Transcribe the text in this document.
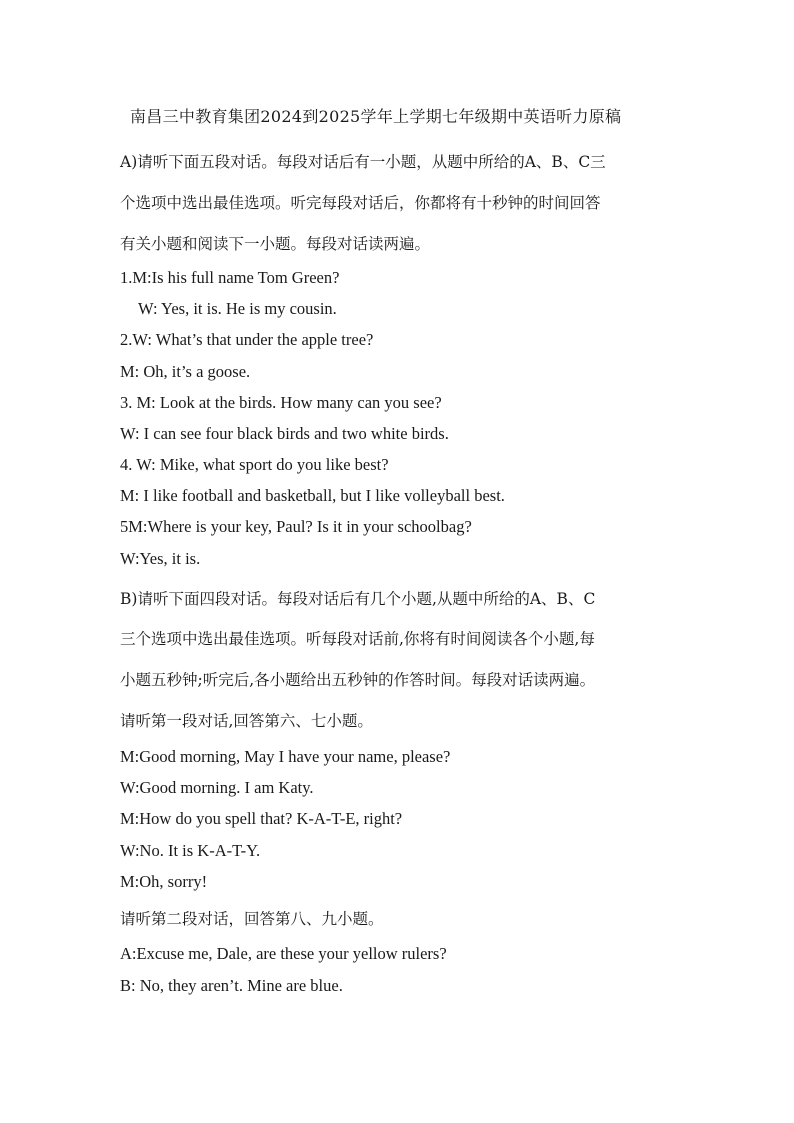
南昌三中教育集团2024到2025学年上学期七年级期中英语听力原稿
A)请听下面五段对话。每段对话后有一小题，从题中所给的A、B、C三
个选项中选出最佳选项。听完每段对话后，你都将有十秒钟的时间回答
有关小题和阅读下一小题。每段对话读两遍。
1.M:Is his full name Tom Green?
W: Yes, it is. He is my cousin.
2.W: What’s that under the apple tree?
M: Oh, it’s a goose.
3. M: Look at the birds. How many can you see?
W: I can see four black birds and two white birds.
4. W: Mike, what sport do you like best?
M: I like football and basketball, but I like volleyball best.
5M:Where is your key, Paul? Is it in your schoolbag?
W:Yes, it is.
B)请听下面四段对话。每段对话后有几个小题,从题中所给的A、B、C
三个选项中选出最佳选项。听每段对话前,你将有时间阅读各个小题,每
小题五秒钟;听完后,各小题给出五秒钟的作答时间。每段对话读两遍。
请听第一段对话,回答第六、七小题。
M:Good morning, May I have your name, please?
W:Good morning. I am Katy.
M:How do you spell that? K-A-T-E, right?
W:No. It is K-A-T-Y.
M:Oh, sorry!
请听第二段对话，回答第八、九小题。
A:Excuse me, Dale, are these your yellow rulers?
B: No, they aren’t. Mine are blue.
